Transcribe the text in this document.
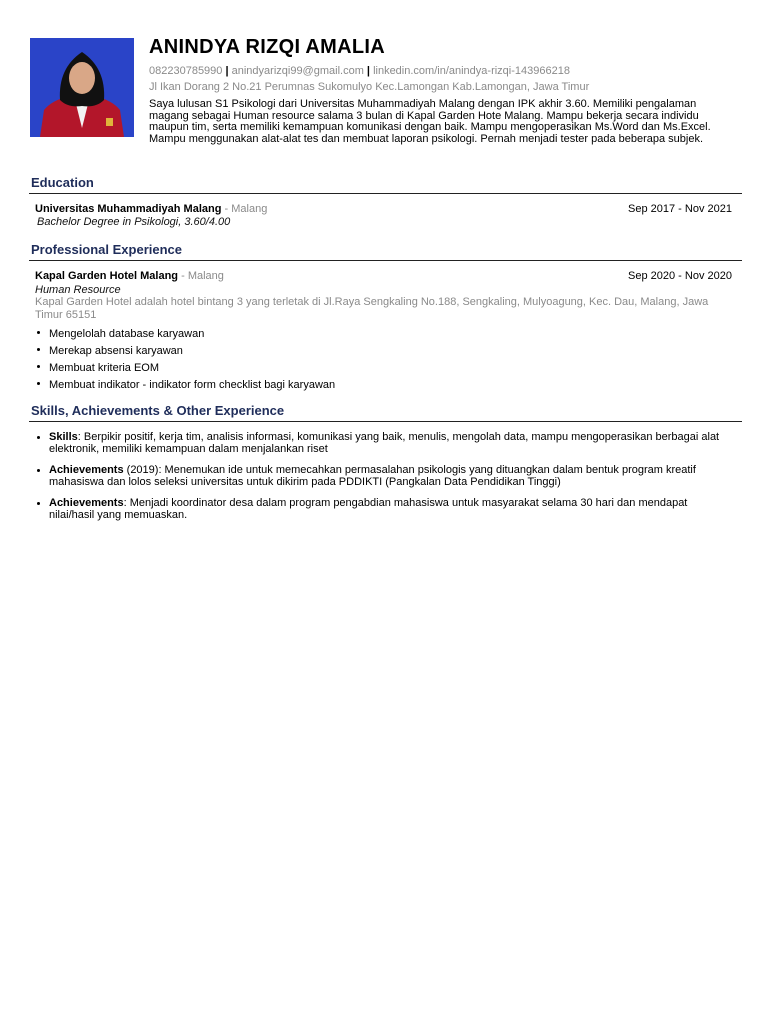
ANINDYA RIZQI AMALIA
082230785990 | anindyarizqi99@gmail.com | linkedin.com/in/anindya-rizqi-143966218
Jl Ikan Dorang 2 No.21 Perumnas Sukomulyo Kec.Lamongan Kab.Lamongan, Jawa Timur
Saya lulusan S1 Psikologi dari Universitas Muhammadiyah Malang dengan IPK akhir 3.60. Memiliki pengalaman magang sebagai Human resource salama 3 bulan di Kapal Garden Hote Malang. Mampu bekerja secara individu maupun tim, serta memiliki kemampuan komunikasi dengan baik. Mampu mengoperasikan Ms.Word dan Ms.Excel. Mampu menggunakan alat-alat tes dan membuat laporan psikologi. Pernah menjadi tester pada beberapa subjek.
Education
Universitas Muhammadiyah Malang - Malang	Sep 2017 - Nov 2021
Bachelor Degree in Psikologi, 3.60/4.00
Professional Experience
Kapal Garden Hotel Malang - Malang	Sep 2020 - Nov 2020
Human Resource
Kapal Garden Hotel adalah hotel bintang 3 yang terletak di Jl.Raya Sengkaling No.188, Sengkaling, Mulyoagung, Kec. Dau, Malang, Jawa Timur 65151
Mengelolah database karyawan
Merekap absensi karyawan
Membuat kriteria EOM
Membuat indikator - indikator form checklist bagi karyawan
Skills, Achievements & Other Experience
Skills: Berpikir positif, kerja tim, analisis informasi, komunikasi yang baik, menulis, mengolah data, mampu mengoperasikan berbagai alat elektronik, memiliki kemampuan dalam menjalankan riset
Achievements (2019): Menemukan ide untuk memecahkan permasalahan psikologis yang dituangkan dalam bentuk program kreatif mahasiswa dan lolos seleksi universitas untuk dikirim pada PDDIKTI (Pangkalan Data Pendidikan Tinggi)
Achievements: Menjadi koordinator desa dalam program pengabdian mahasiswa untuk masyarakat selama 30 hari dan mendapat nilai/hasil yang memuaskan.
